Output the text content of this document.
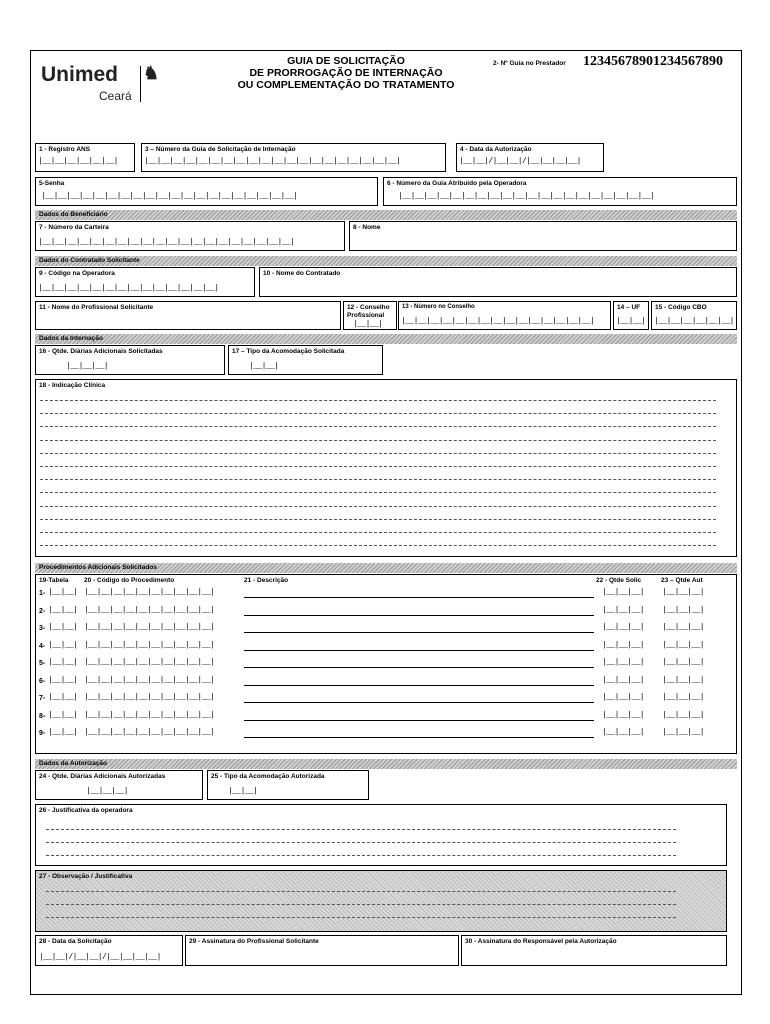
Unimed ♞
Ceará
GUIA DE SOLICITAÇÃO
DE PRORROGAÇÃO DE INTERNAÇÃO
OU COMPLEMENTAÇÃO DO TRATAMENTO
2- Nº Guia no Prestador 12345678901234567890
1 - Registro ANS
|__|__|__|__|__|__|
3 – Número da Guia de Solicitação de Internação
|__|__|__|__|__|__|__|__|__|__|__|__|__|__|__|__|__|__|__|__|
4 - Data da Autorização
|__|__|/|__|__|/|__|__|__|__|
5-Senha
|__|__|__|__|__|__|__|__|__|__|__|__|__|__|__|__|__|__|__|__|
6 - Número da Guia Atribuído pela Operadora
|__|__|__|__|__|__|__|__|__|__|__|__|__|__|__|__|__|__|__|__|
Dados do Beneficiário
7 - Número da Carteira
|__|__|__|__|__|__|__|__|__|__|__|__|__|__|__|__|__|__|__|__|
8 - Nome
Dados do Contratado Solicitante
9 - Código na Operadora
|__|__|__|__|__|__|__|__|__|__|__|__|__|__|
10 - Nome do Contratado
11 - Nome do Profissional Solicitante	12 - Conselho Profissional
|__|__|
13 - Número no Conselho
|__|__|__|__|__|__|__|__|__|__|__|__|__|__|__|
14 – UF
|__|__|
15 - Código CBO
|__|__|__|__|__|__|
Dados da Internação
16 - Qtde. Diárias Adicionais Solicitadas
|__|__|__|
17 – Tipo da Acomodação Solicitada
|__|__|
18 - Indicação Clínica
Procedimentos Adicionais Solicitados
19-Tabela 20 - Código do Procedimento	21 - Descrição	22 - Qtde Solic	23 – Qtde Aut
1- |__|__| |__|__|__|__|__|__|__|__|__|__|	|__|__|__| |__|__|__|
2- |__|__| |__|__|__|__|__|__|__|__|__|__|	|__|__|__| |__|__|__|
3- |__|__| |__|__|__|__|__|__|__|__|__|__|	|__|__|__| |__|__|__|
4- |__|__| |__|__|__|__|__|__|__|__|__|__|	|__|__|__| |__|__|__|
5- |__|__| |__|__|__|__|__|__|__|__|__|__|	|__|__|__| |__|__|__|
6- |__|__| |__|__|__|__|__|__|__|__|__|__|	|__|__|__| |__|__|__|
7- |__|__| |__|__|__|__|__|__|__|__|__|__|	|__|__|__| |__|__|__|
8- |__|__| |__|__|__|__|__|__|__|__|__|__|	|__|__|__| |__|__|__|
9- |__|__| |__|__|__|__|__|__|__|__|__|__|	|__|__|__| |__|__|__|
Dados da Autorização
24 - Qtde. Diárias Adicionais Autorizadas
|__|__|__|
25 - Tipo da Acomodação Autorizada
|__|__|
26 - Justificativa da operadora
27 - Observação / Justificativa
28 - Data da Solicitação
|__|__|/|__|__|/|__|__|__|__|
29 - Assinatura do Profissional Solicitante	30 - Assinatura do Responsável pela Autorização
